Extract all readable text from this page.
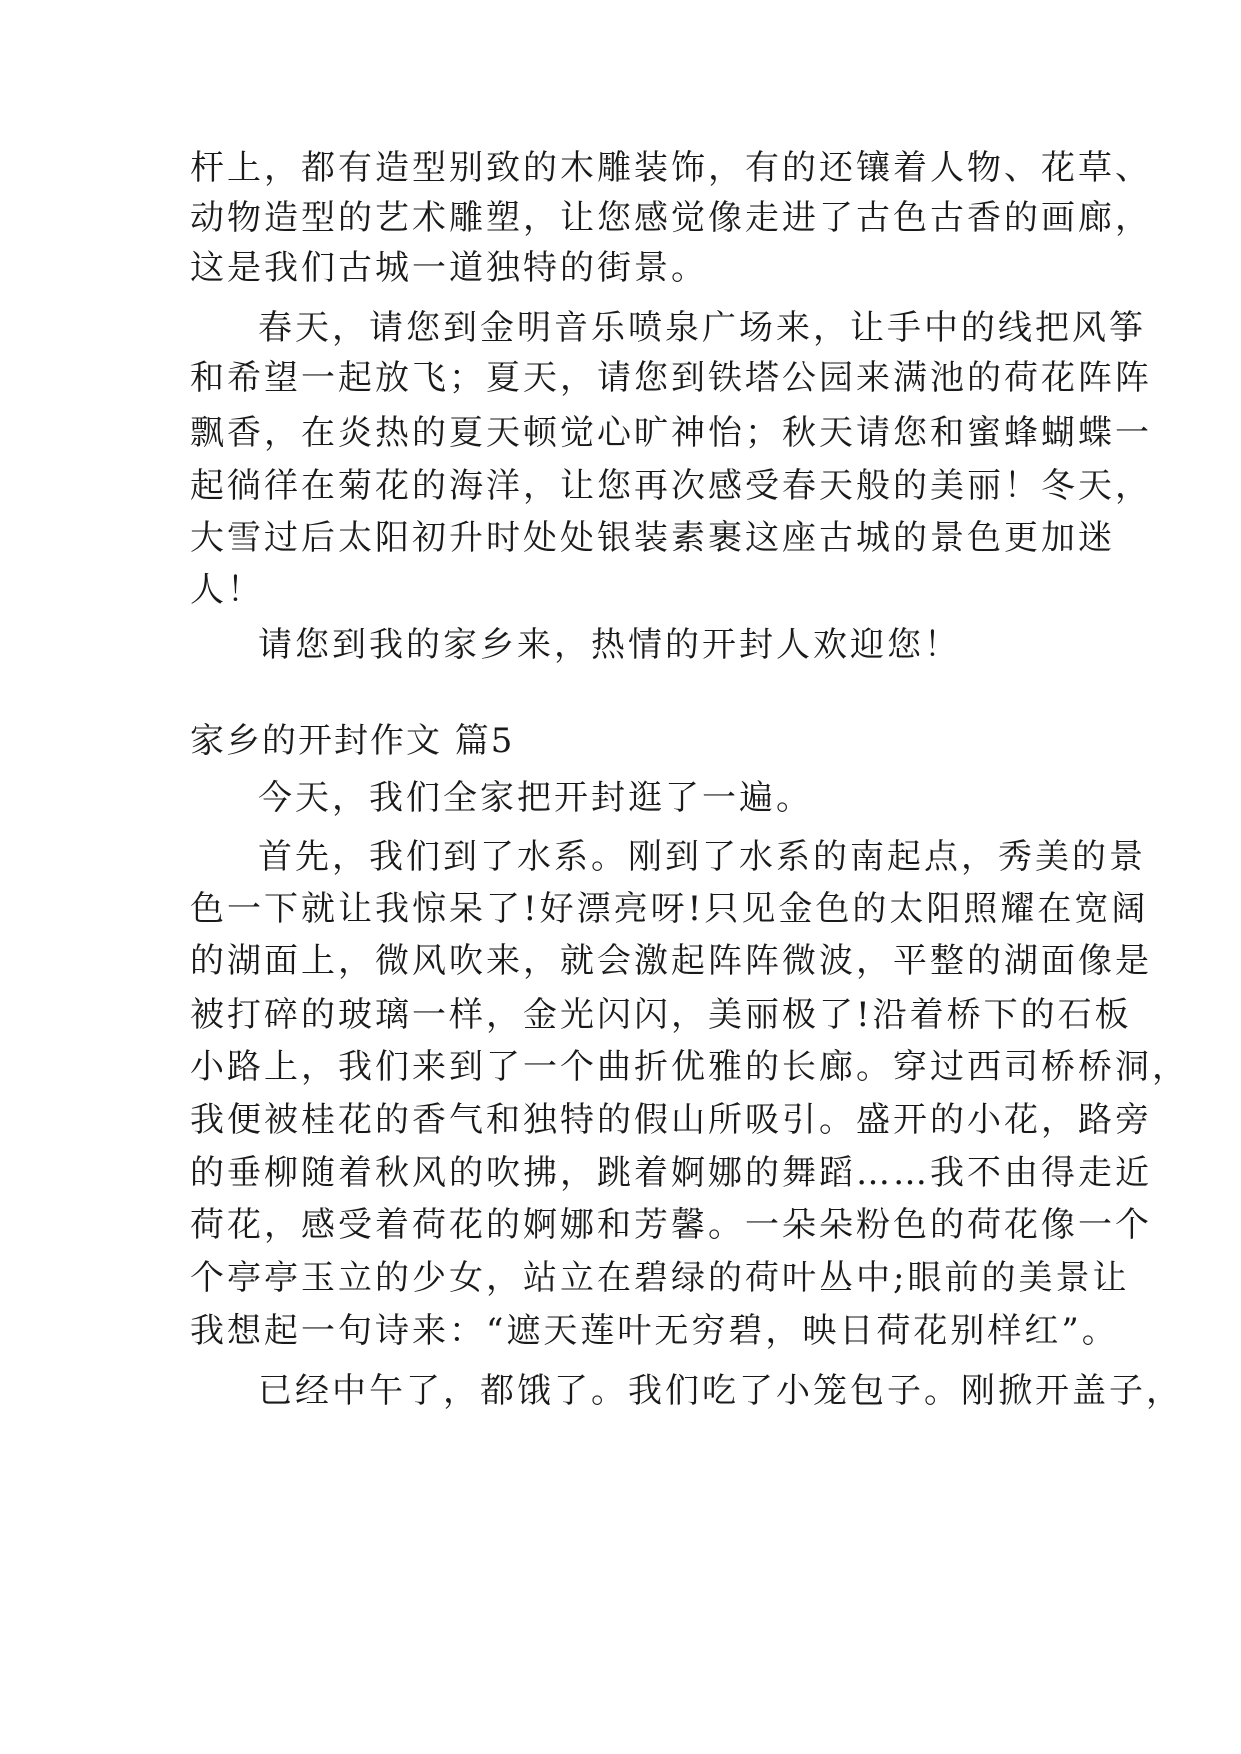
杆上，都有造型别致的木雕装饰，有的还镶着人物、花草、
动物造型的艺术雕塑，让您感觉像走进了古色古香的画廊，
这是我们古城一道独特的街景。
春天，请您到金明音乐喷泉广场来，让手中的线把风筝
和希望一起放飞；夏天，请您到铁塔公园来满池的荷花阵阵
飘香，在炎热的夏天顿觉心旷神怡；秋天请您和蜜蜂蝴蝶一
起徜徉在菊花的海洋，让您再次感受春天般的美丽！冬天，
大雪过后太阳初升时处处银装素裹这座古城的景色更加迷
人！
请您到我的家乡来，热情的开封人欢迎您！
家乡的开封作文 篇5
今天，我们全家把开封逛了一遍。
首先，我们到了水系。刚到了水系的南起点，秀美的景
色一下就让我惊呆了!好漂亮呀!只见金色的太阳照耀在宽阔
的湖面上，微风吹来，就会激起阵阵微波，平整的湖面像是
被打碎的玻璃一样，金光闪闪，美丽极了!沿着桥下的石板
小路上，我们来到了一个曲折优雅的长廊。穿过西司桥桥洞，
我便被桂花的香气和独特的假山所吸引。盛开的小花，路旁
的垂柳随着秋风的吹拂，跳着婀娜的舞蹈……我不由得走近
荷花，感受着荷花的婀娜和芳馨。一朵朵粉色的荷花像一个
个亭亭玉立的少女，站立在碧绿的荷叶丛中;眼前的美景让
我想起一句诗来：“遮天莲叶无穷碧，映日荷花别样红”。
已经中午了，都饿了。我们吃了小笼包子。刚掀开盖子，
